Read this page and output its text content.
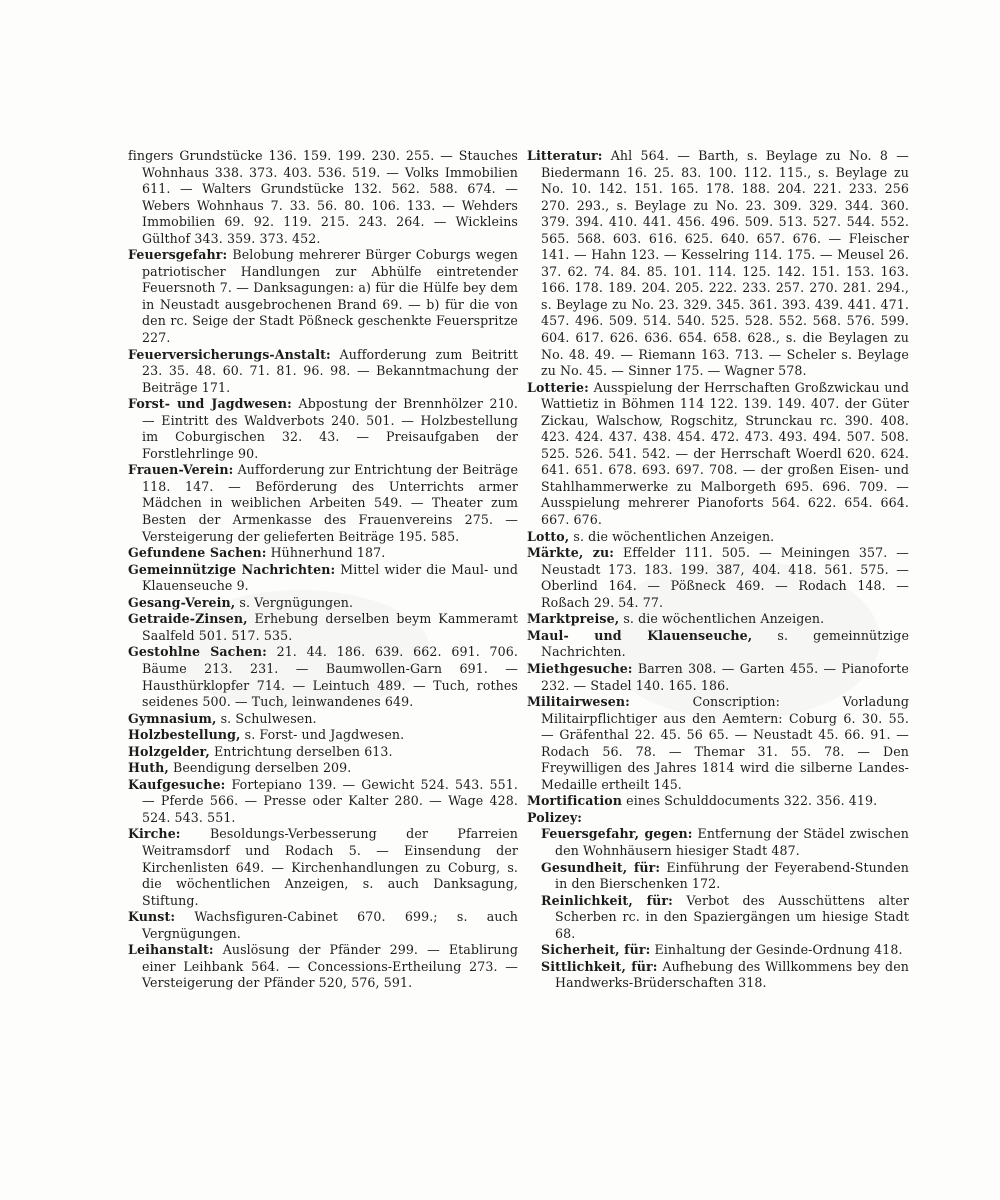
fingers Grundstücke 136. 159. 199. 230. 255. — Stauches Wohnhaus 338. 373. 403. 536. 519. — Volks Immobilien 611. — Walters Grundstücke 132. 562. 588. 674. — Webers Wohnhaus 7. 33. 56. 80. 106. 133. — Wehders Immobilien 69. 92. 119. 215. 243. 264. — Wickleins Gülthof 343. 359. 373. 452.

Feuersgefahr: Belobung mehrerer Bürger Coburgs wegen patriotischer Handlungen zur Abhülfe eintretender Feuersnoth 7. — Danksagungen: a) für die Hülfe bey dem in Neustadt ausgebrochenen Brand 69. — b) für die von den rc. Seige der Stadt Pößneck geschenkte Feuerspritze 227.

Feuerversicherungs-Anstalt: Aufforderung zum Beitritt 23. 35. 48. 60. 71. 81. 96. 98. — Bekanntmachung der Beiträge 171.

Forst- und Jagdwesen: Abpostung der Brennhölzer 210. — Eintritt des Waldverbots 240. 501. — Holzbestellung im Coburgischen 32. 43. — Preisaufgaben der Forstlehrlinge 90.

Frauen-Verein: Aufforderung zur Entrichtung der Beiträge 118. 147. — Beförderung des Unterrichts armer Mädchen in weiblichen Arbeiten 549. — Theater zum Besten der Armenkasse des Frauenvereins 275. — Versteigerung der gelieferten Beiträge 195. 585.

Gefundene Sachen: Hühnerhund 187.

Gemeinnützige Nachrichten: Mittel wider die Maul- und Klauenseuche 9.

Gesang-Verein, s. Vergnügungen.

Getraide-Zinsen, Erhebung derselben beym Kammeramt Saalfeld 501. 517. 535.

Gestohlne Sachen: 21. 44. 186. 639. 662. 691. 706. Bäume 213. 231. — Baumwollen-Garn 691. — Hausthürklopfer 714. — Leintuch 489. — Tuch, rothes seidenes 500. — Tuch, leinwandenes 649.

Gymnasium, s. Schulwesen.

Holzbestellung, s. Forst- und Jagdwesen.

Holzgelder, Entrichtung derselben 613.

Huth, Beendigung derselben 209.

Kaufgesuche: Fortepiano 139. — Gewicht 524. 543. 551. — Pferde 566. — Presse oder Kalter 280. — Wage 428. 524. 543. 551.

Kirche: Besoldungs-Verbesserung der Pfarreien Weitramsdorf und Rodach 5. — Einsendung der Kirchenlisten 649. — Kirchenhandlungen zu Coburg, s. die wöchentlichen Anzeigen, s. auch Danksagung, Stiftung.

Kunst: Wachsfiguren-Cabinet 670. 699.; s. auch Vergnügungen.

Leihanstalt: Auslösung der Pfänder 299. — Etablirung einer Leihbank 564. — Concessions-Ertheilung 273. — Versteigerung der Pfänder 520, 576, 591.

Litteratur: Ahl 564. — Barth, s. Beylage zu No. 8 — Biedermann 16. 25. 83. 100. 112. 115., s. Beylage zu No. 10. 142. 151. 165. 178. 188. 204. 221. 233. 256 270. 293., s. Beylage zu No. 23. 309. 329. 344. 360. 379. 394. 410. 441. 456. 496. 509. 513. 527. 544. 552. 565. 568. 603. 616. 625. 640. 657. 676. — Fleischer 141. — Hahn 123. — Kesselring 114. 175. — Meusel 26. 37. 62. 74. 84. 85. 101. 114. 125. 142. 151. 153. 163. 166. 178. 189. 204. 205. 222. 233. 257. 270. 281. 294., s. Beylage zu No. 23. 329. 345. 361. 393. 439. 441. 471. 457. 496. 509. 514. 540. 525. 528. 552. 568. 576. 599. 604. 617. 626. 636. 654. 658. 628., s. die Beylagen zu No. 48. 49. — Riemann 163. 713. — Scheler s. Beylage zu No. 45. — Sinner 175. — Wagner 578.

Lotterie: Ausspielung der Herrschaften Großzwickau und Wattietiz in Böhmen 114 122. 139. 149. 407. der Güter Zickau, Walschow, Rogschitz, Strunckau rc. 390. 408. 423. 424. 437. 438. 454. 472. 473. 493. 494. 507. 508. 525. 526. 541. 542. — der Herrschaft Woerdl 620. 624. 641. 651. 678. 693. 697. 708. — der großen Eisen- und Stahlhammerwerke zu Malborgeth 695. 696. 709. — Ausspielung mehrerer Pianoforts 564. 622. 654. 664. 667. 676.

Lotto, s. die wöchentlichen Anzeigen.

Märkte, zu: Effelder 111. 505. — Meiningen 357. — Neustadt 173. 183. 199. 387, 404. 418. 561. 575. — Oberlind 164. — Pößneck 469. — Rodach 148. — Roßach 29. 54. 77.

Marktpreise, s. die wöchentlichen Anzeigen.

Maul- und Klauenseuche, s. gemeinnützige Nachrichten.

Miethgesuche: Barren 308. — Garten 455. — Pianoforte 232. — Stadel 140. 165. 186.

Militairwesen: Conscription: Vorladung Militairpflichtiger aus den Aemtern: Coburg 6. 30. 55. — Gräfenthal 22. 45. 56 65. — Neustadt 45. 66. 91. — Rodach 56. 78. — Themar 31. 55. 78. — Den Freywilligen des Jahres 1814 wird die silberne Landes-Medaille ertheilt 145.

Mortification eines Schulddocuments 322. 356. 419.

Polizey:

Feuersgefahr, gegen: Entfernung der Städel zwischen den Wohnhäusern hiesiger Stadt 487.

Gesundheit, für: Einführung der Feyerabend-Stunden in den Bierschenken 172.

Reinlichkeit, für: Verbot des Ausschüttens alter Scherben rc. in den Spaziergängen um hiesige Stadt 68.

Sicherheit, für: Einhaltung der Gesinde-Ordnung 418.

Sittlichkeit, für: Aufhebung des Willkommens bey den Handwerks-Brüderschaften 318.
